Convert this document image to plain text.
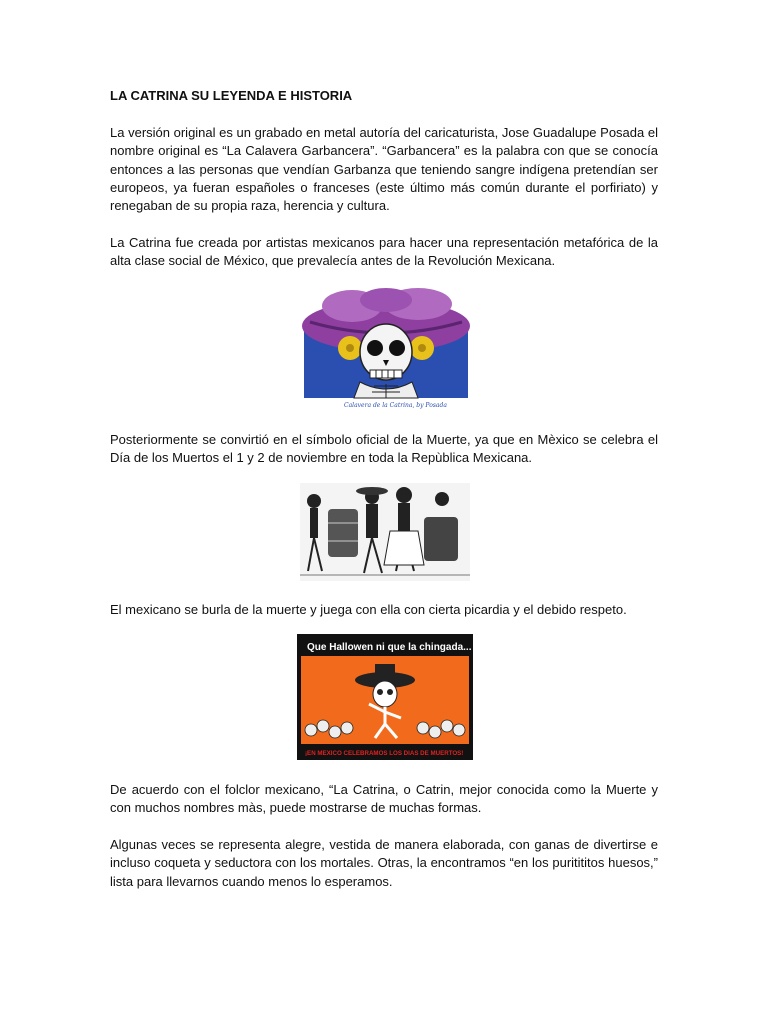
LA CATRINA SU LEYENDA E HISTORIA

La versión original es un grabado en metal autoría del caricaturista, Jose Guadalupe Posada el nombre original es “La Calavera Garbancera”. “Garbancera” es la palabra con que se conocía entonces a las personas que vendían Garbanza que teniendo sangre indígena pretendían ser europeos, ya fueran españoles o franceses (este último más común durante el porfiriato) y renegaban de su propia raza, herencia y cultura.

La Catrina fue creada por artistas mexicanos para hacer una representación metafórica de la alta clase social de México, que prevalecía antes de la Revolución Mexicana.

Calavera de la Catrina, by Posada

Posteriormente se convirtió en el símbolo oficial de la Muerte, ya que en Mèxico se celebra el Día de los Muertos el 1 y 2 de noviembre en toda la Repùblica Mexicana.

El mexicano se burla de la muerte y juega con ella con cierta picardia y el debido respeto.

Que Hallowen ni que la chingada...
¡EN MEXICO CELEBRAMOS LOS DIAS DE MUERTOS!

De acuerdo con el folclor mexicano, “La Catrina, o Catrin, mejor conocida como la Muerte y con muchos nombres màs, puede mostrarse de muchas formas.

Algunas veces se representa alegre, vestida de manera elaborada, con ganas de divertirse e incluso coqueta y seductora con los mortales. Otras, la encontramos “en los puritititos huesos,” lista para llevarnos cuando menos lo esperamos.
